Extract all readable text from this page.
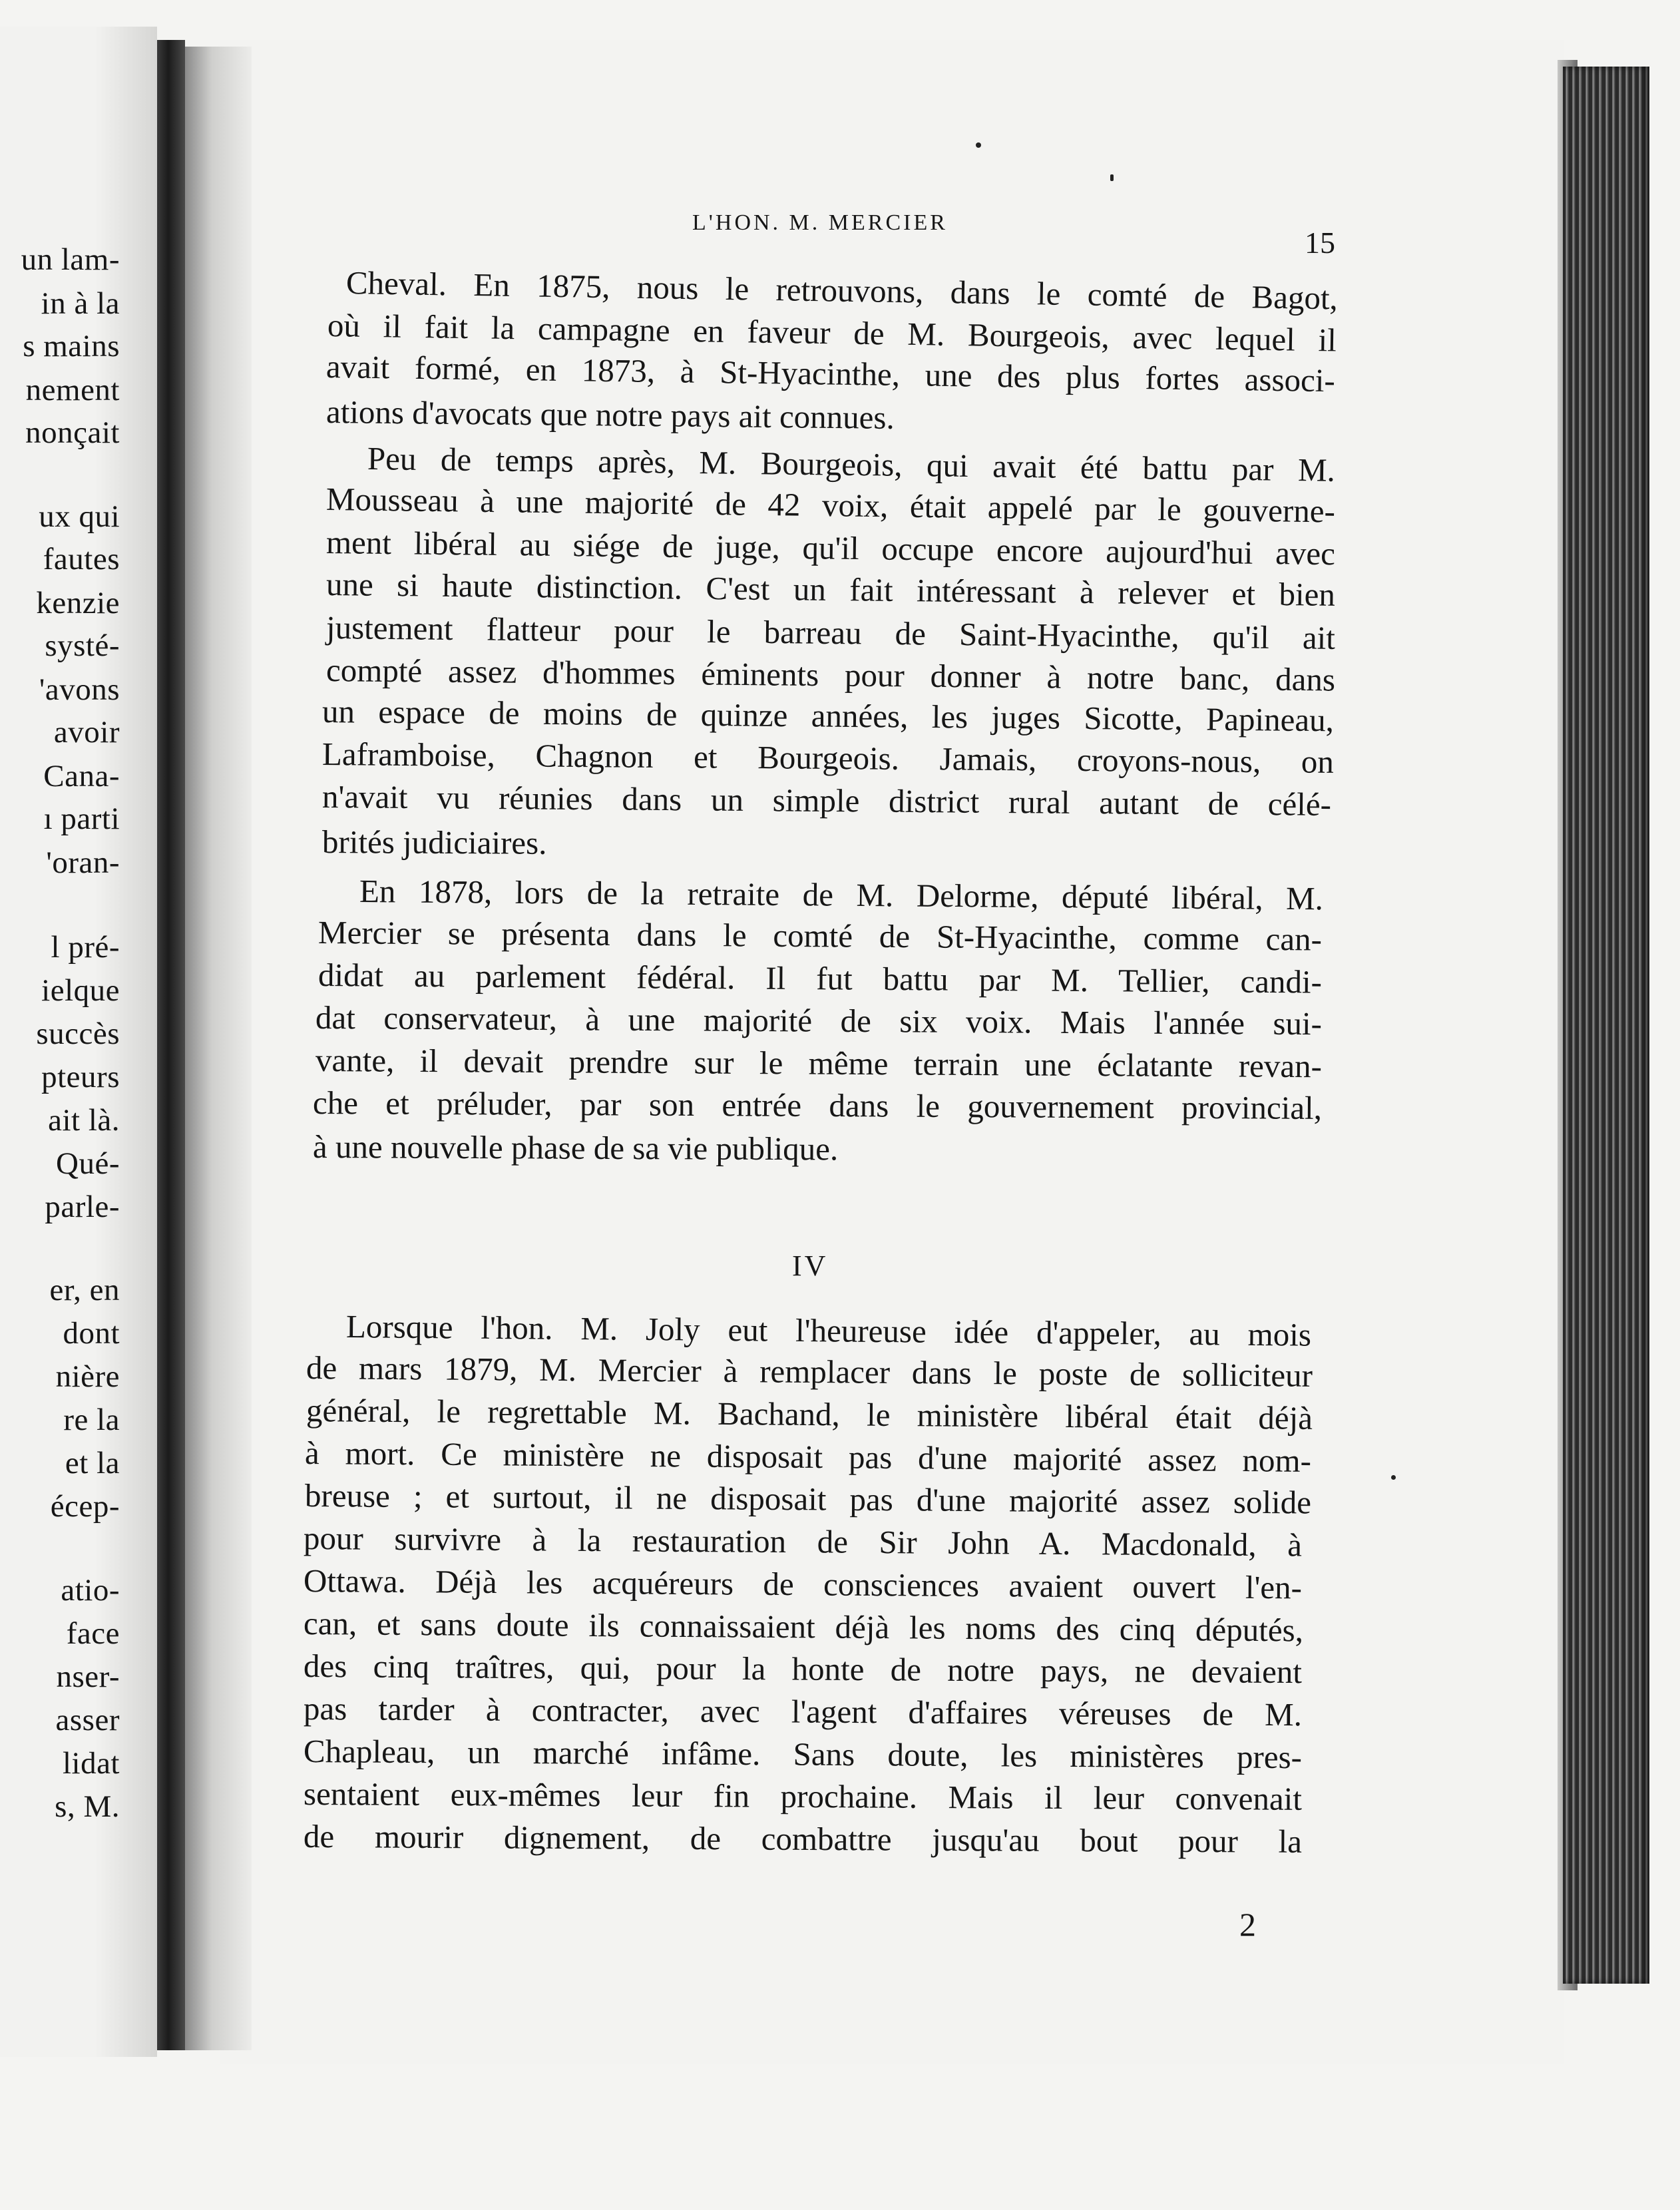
un lam-
in à la
s mains
nement
nonçait
ux qui
fautes
kenzie
systé-
'avons
avoir
Cana-
ı parti
'oran-
l pré-
ielque
succès
pteurs
ait là.
Qué-
parle-
er, en
dont
nière
re la
et la
écep-
atio-
face
nser-
asser
lidat
s, M.
L'HON. M. MERCIER
15
Cheval. En 1875, nous le retrouvons, dans le comté de Bagot,
où il fait la campagne en faveur de M. Bourgeois, avec lequel il
avait formé, en 1873, à St-Hyacinthe, une des plus fortes associ-
ations d'avocats que notre pays ait connues.
Peu de temps après, M. Bourgeois, qui avait été battu par M.
Mousseau à une majorité de 42 voix, était appelé par le gouverne-
ment libéral au siége de juge, qu'il occupe encore aujourd'hui avec
une si haute distinction. C'est un fait intéressant à relever et bien
justement flatteur pour le barreau de Saint-Hyacinthe, qu'il ait
compté assez d'hommes éminents pour donner à notre banc, dans
un espace de moins de quinze années, les juges Sicotte, Papineau,
Laframboise, Chagnon et Bourgeois. Jamais, croyons-nous, on
n'avait vu réunies dans un simple district rural autant de célé-
brités judiciaires.
En 1878, lors de la retraite de M. Delorme, député libéral, M.
Mercier se présenta dans le comté de St-Hyacinthe, comme can-
didat au parlement fédéral. Il fut battu par M. Tellier, candi-
dat conservateur, à une majorité de six voix. Mais l'année sui-
vante, il devait prendre sur le même terrain une éclatante revan-
che et préluder, par son entrée dans le gouvernement provincial,
à une nouvelle phase de sa vie publique.
Lorsque l'hon. M. Joly eut l'heureuse idée d'appeler, au mois
de mars 1879, M. Mercier à remplacer dans le poste de solliciteur
général, le regrettable M. Bachand, le ministère libéral était déjà
à mort. Ce ministère ne disposait pas d'une majorité assez nom-
breuse ; et surtout, il ne disposait pas d'une majorité assez solide
pour survivre à la restauration de Sir John A. Macdonald, à
Ottawa. Déjà les acquéreurs de consciences avaient ouvert l'en-
can, et sans doute ils connaissaient déjà les noms des cinq députés,
des cinq traîtres, qui, pour la honte de notre pays, ne devaient
pas tarder à contracter, avec l'agent d'affaires véreuses de M.
Chapleau, un marché infâme. Sans doute, les ministères pres-
sentaient eux-mêmes leur fin prochaine. Mais il leur convenait
de mourir dignement, de combattre jusqu'au bout pour la
IV
2
